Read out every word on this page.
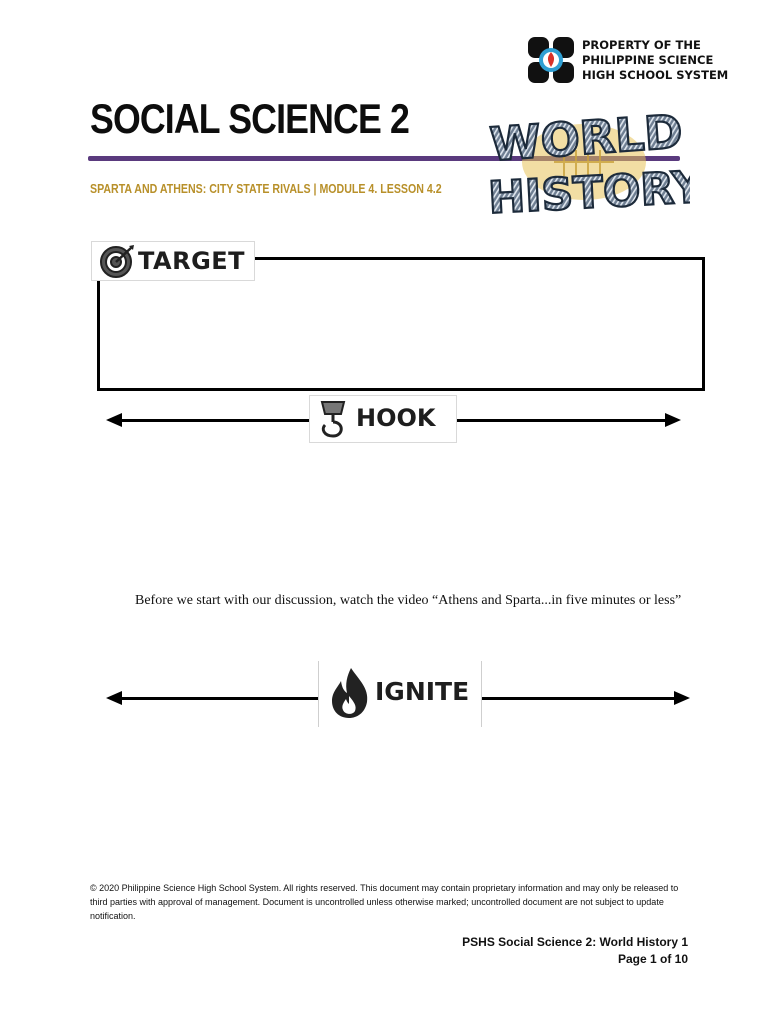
PROPERTY OF THE
PHILIPPINE SCIENCE
HIGH SCHOOL SYSTEM
SOCIAL SCIENCE 2
SPARTA AND ATHENS: CITY STATE RIVALS | MODULE 4. LESSON 4.2
WORLD
HISTORY
TARGET
HOOK
Before we start with our discussion, watch the video “Athens and Sparta...in five minutes or less”
IGNITE
© 2020 Philippine Science High School System. All rights reserved. This document may contain proprietary information and may only be released to third parties with approval of management. Document is uncontrolled unless otherwise marked; uncontrolled document are not subject to update notification.
PSHS Social Science 2: World History 1
Page 1 of 10
